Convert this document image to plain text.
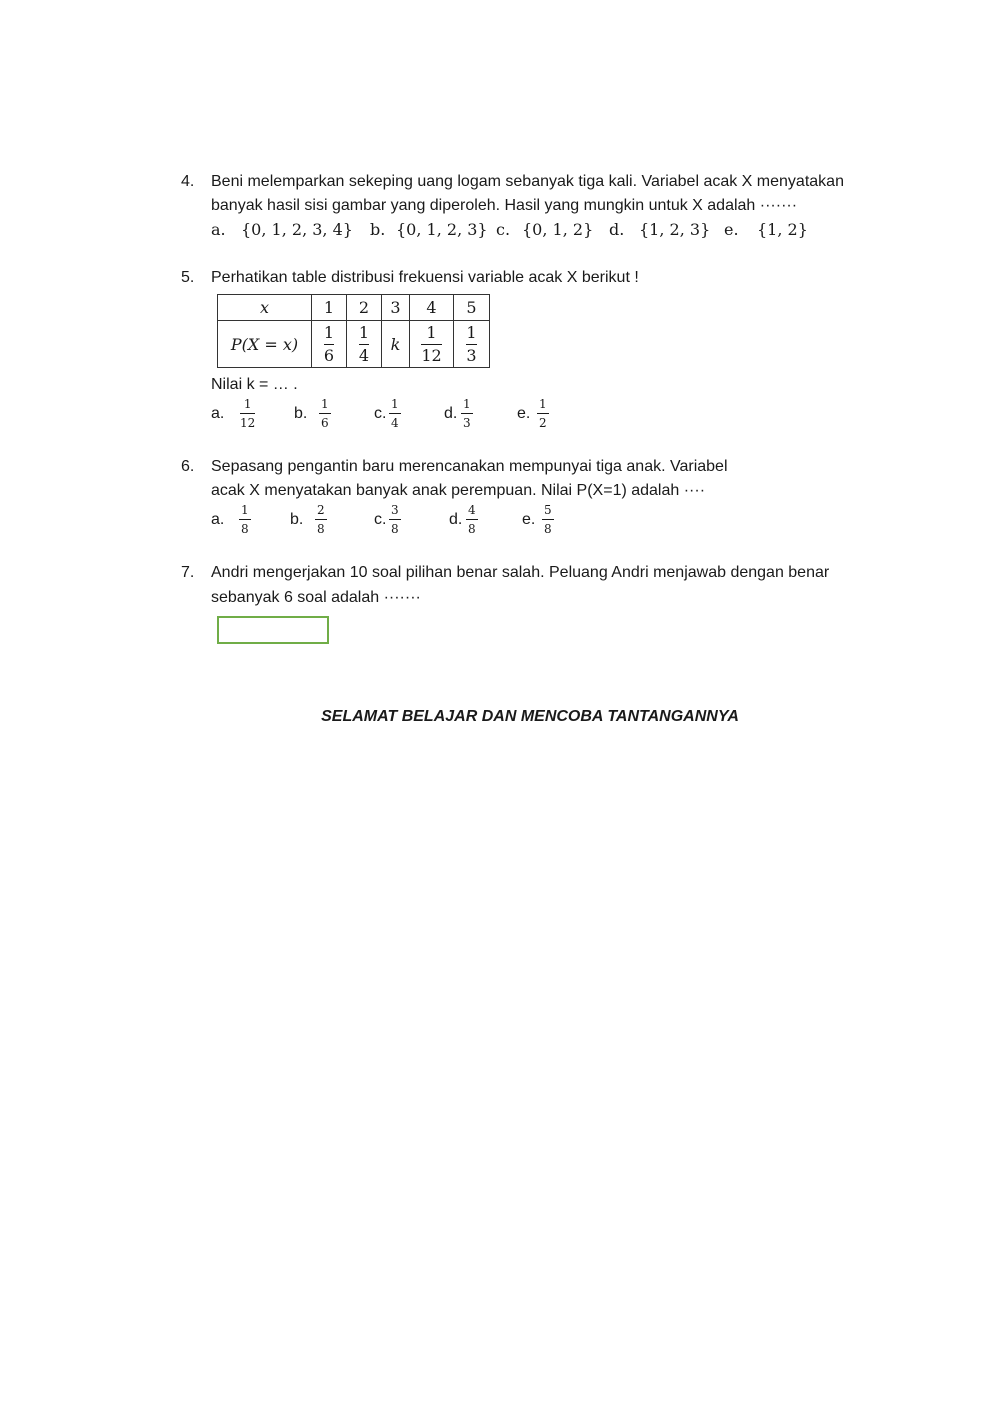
4. Beni melemparkan sekeping uang logam sebanyak tiga kali. Variabel acak X menyatakan
banyak hasil sisi gambar yang diperoleh. Hasil yang mungkin untuk X adalah ·······
a. {0, 1, 2, 3, 4} b. {0, 1, 2, 3} c. {0, 1, 2} d. {1, 2, 3} e. {1, 2}
5. Perhatikan table distribusi frekuensi variable acak X berikut !
x	1	2	3	4	5
P(X = x)	$\frac{1}{6}$	$\frac{1}{4}$	k	$\frac{1}{12}$	$\frac{1}{3}$
Nilai k = … .
a.
1
12
b.
1
6
c.
1
4
d.
1
3
e.
1
2
6. Sepasang pengantin baru merencanakan mempunyai tiga anak. Variabel
acak X menyatakan banyak anak perempuan. Nilai P(X=1) adalah ····
a.
1
8
b.
2
8
c.
3
8
d.
4
8
e.
5
8
7. Andri mengerjakan 10 soal pilihan benar salah. Peluang Andri menjawab dengan benar
sebanyak 6 soal adalah ·······
SELAMAT BELAJAR DAN MENCOBA TANTANGANNYA
